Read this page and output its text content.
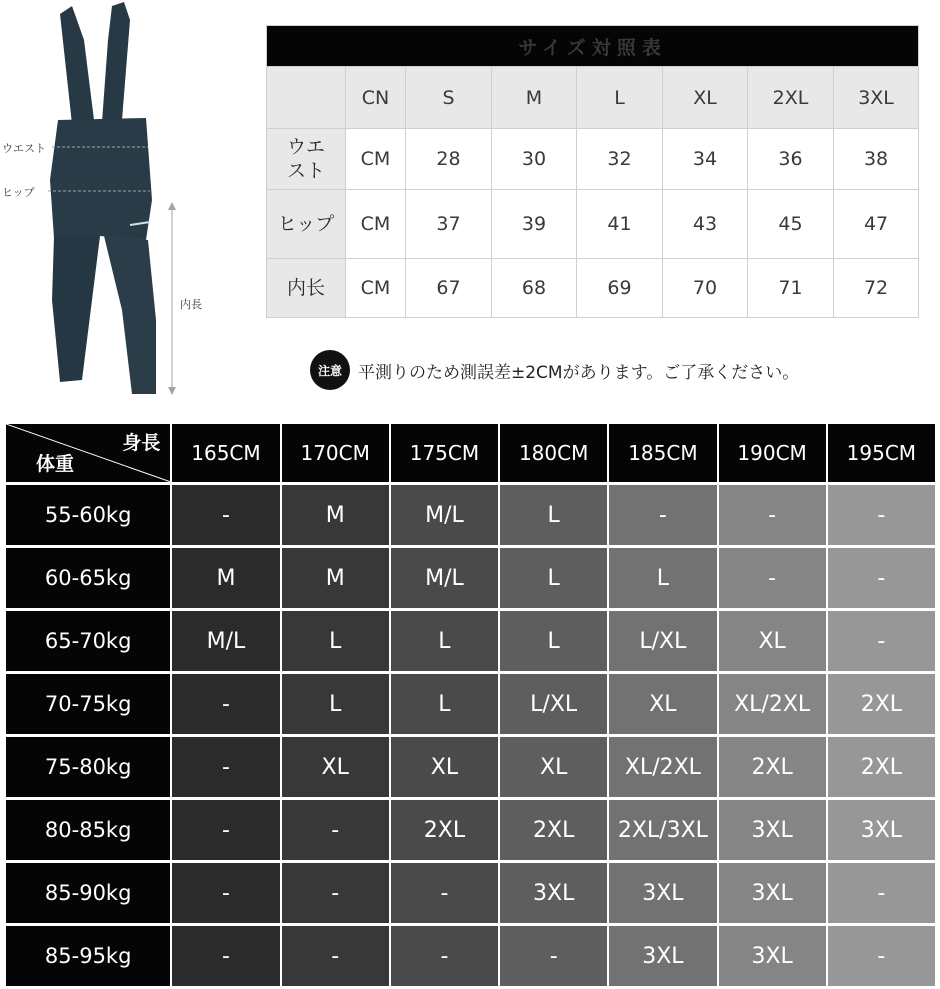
ウエスト
ヒップ
内長
サイズ対照表							
	CN	S	M	L	XL	2XL	3XL
ウエ
スト	CM	28	30	32	34	36	38
ヒップ	CM	37	39	41	43	45	47
内长	CM	67	68	69	70	71	72
注意 平測りのため測誤差±2CMがあります。ご了承ください。
身長
体重	165CM	170CM	175CM	180CM	185CM	190CM	195CM
55-60kg	-	M	M/L	L	-	-	-
60-65kg	M	M	M/L	L	L	-	-
65-70kg	M/L	L	L	L	L/XL	XL	-
70-75kg	-	L	L	L/XL	XL	XL/2XL	2XL
75-80kg	-	XL	XL	XL	XL/2XL	2XL	2XL
80-85kg	-	-	2XL	2XL	2XL/3XL	3XL	3XL
85-90kg	-	-	-	3XL	3XL	3XL	-
85-95kg	-	-	-	-	3XL	3XL	-
